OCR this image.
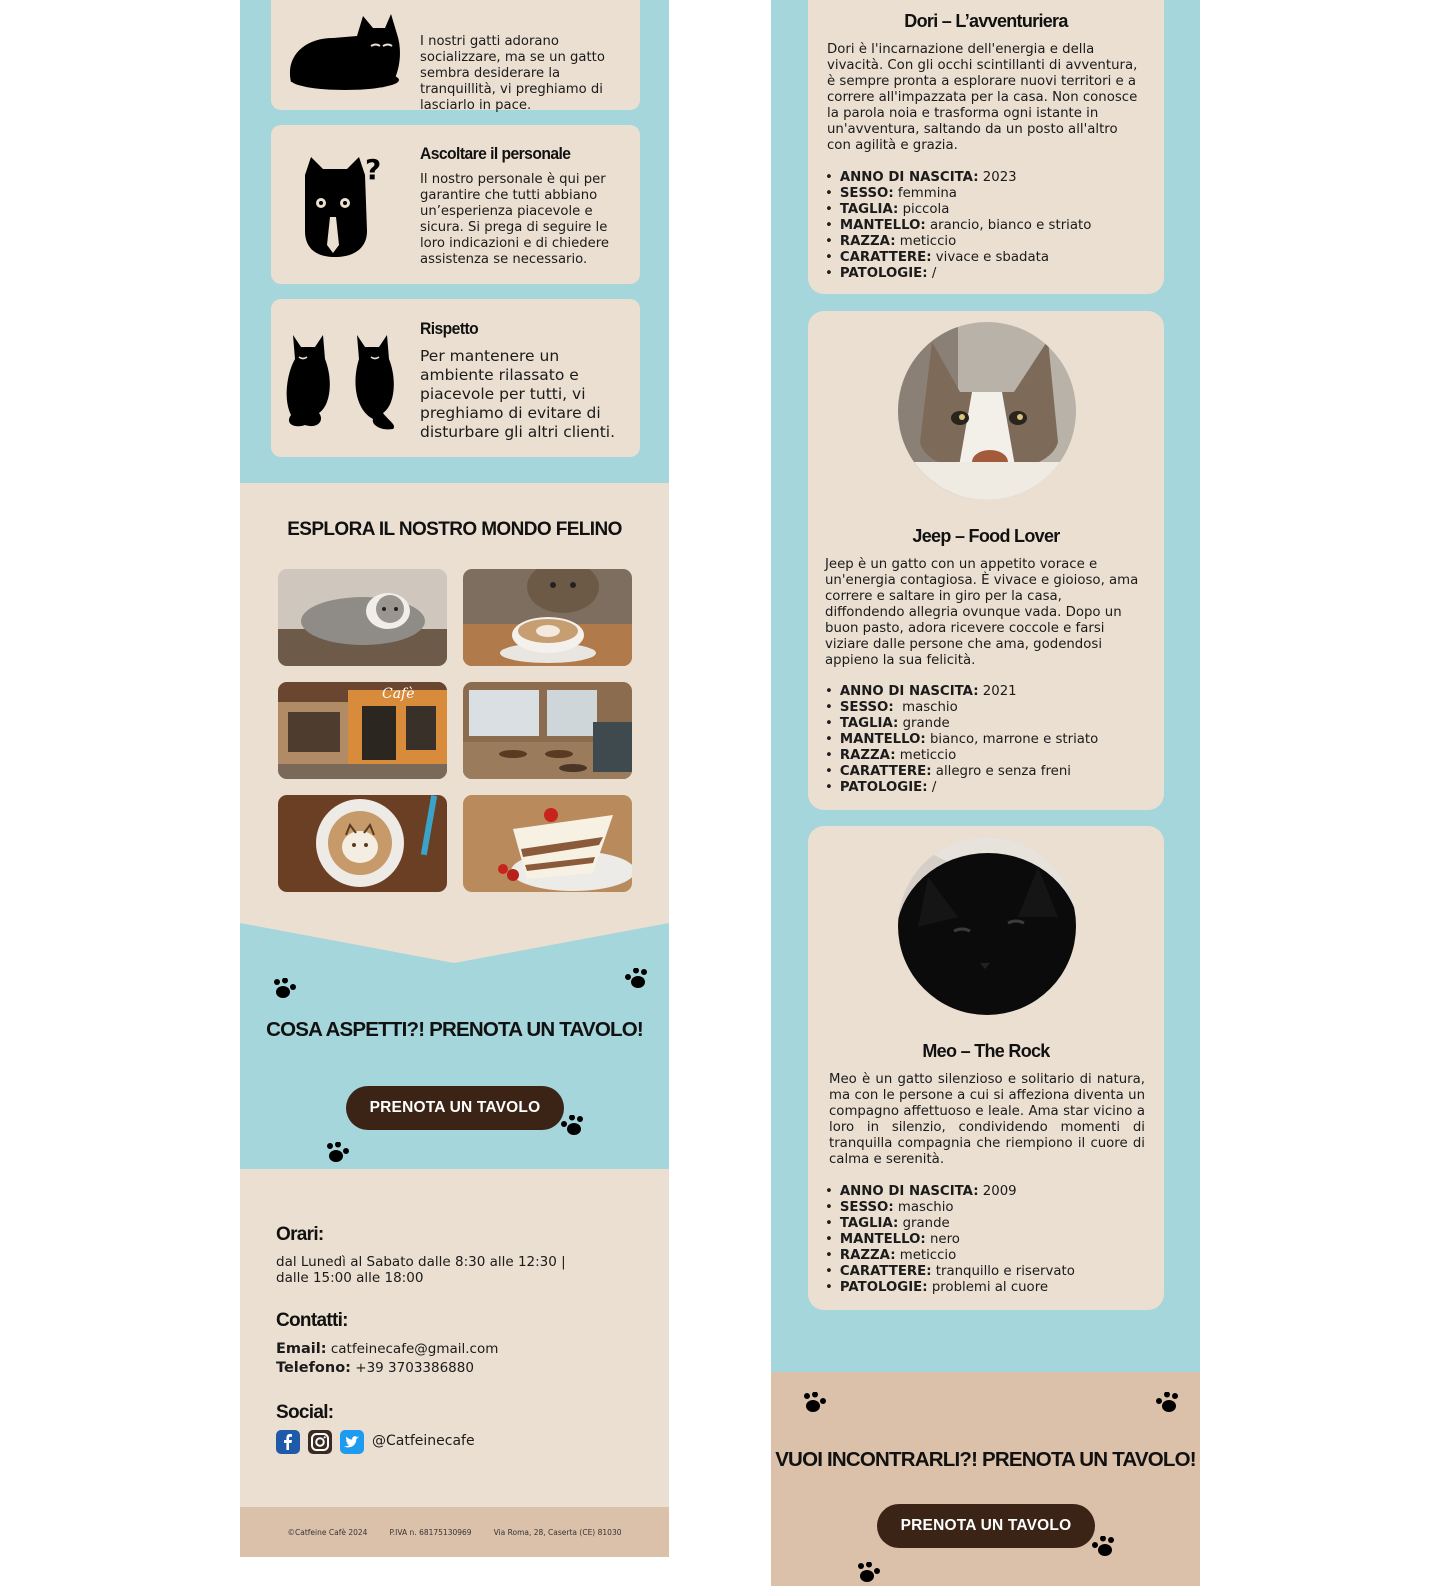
I nostri gatti adorano socializzare, ma se un gatto sembra desiderare la tranquillità, vi preghiamo di lasciarlo in pace.

? Ascoltare il personale

Il nostro personale è qui per garantire che tutti abbiano un’esperienza piacevole e sicura. Si prega di seguire le loro indicazioni e di chiedere assistenza se necessario.

Rispetto

Per mantenere un ambiente rilassato e piacevole per tutti, vi preghiamo di evitare di disturbare gli altri clienti.

ESPLORA IL NOSTRO MONDO FELINO
Cafè
COSA ASPETTI?! PRENOTA UN TAVOLO!
PRENOTA UN TAVOLO
Orari:
dal Lunedì al Sabato dalle 8:30 alle 12:30 |
dalle 15:00 alle 18:00
Contatti:
Email: catfeinecafe@gmail.com
Telefono: +39 3703386880
Social:
@Catfeinecafe
©Catfeine Cafè 2024	P.IVA n. 68175130969	Via Roma, 28, Caserta (CE) 81030
Dori – L’avventuriera

Dori è l'incarnazione dell'energia e della vivacità. Con gli occhi scintillanti di avventura, è sempre pronta a esplorare nuovi territori e a correre all'impazzata per la casa. Non conosce la parola noia e trasforma ogni istante in un'avventura, saltando da un posto all'altro con agilità e grazia.

• ANNO DI NASCITA: 2023
• SESSO: femmina
• TAGLIA: piccola
• MANTELLO: arancio, bianco e striato
• RAZZA: meticcio
• CARATTERE: vivace e sbadata
• PATOLOGIE: /
Jeep – Food Lover

Jeep è un gatto con un appetito vorace e un'energia contagiosa. È vivace e gioioso, ama correre e saltare in giro per la casa, diffondendo allegria ovunque vada. Dopo un buon pasto, adora ricevere coccole e farsi viziare dalle persone che ama, godendosi appieno la sua felicità.

• ANNO DI NASCITA: 2021
• SESSO:  maschio
• TAGLIA: grande
• MANTELLO: bianco, marrone e striato
• RAZZA: meticcio
• CARATTERE: allegro e senza freni
• PATOLOGIE: /
Meo – The Rock

Meo è un gatto silenzioso e solitario di natura, ma con le persone a cui si affeziona diventa un compagno affettuoso e leale. Ama star vicino a loro in silenzio, condividendo momenti di tranquilla compagnia che riempiono il cuore di calma e serenità.

• ANNO DI NASCITA: 2009
• SESSO: maschio
• TAGLIA: grande
• MANTELLO: nero
• RAZZA: meticcio
• CARATTERE: tranquillo e riservato
• PATOLOGIE: problemi al cuore
VUOI INCONTRARLI?! PRENOTA UN TAVOLO!
PRENOTA UN TAVOLO
